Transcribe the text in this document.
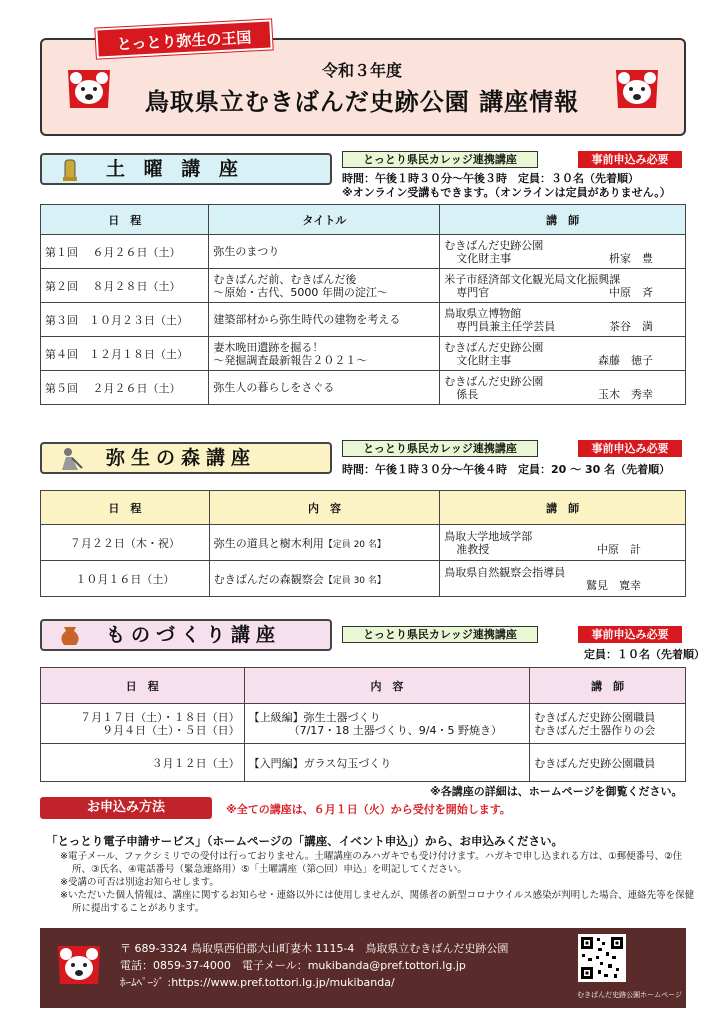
とっとり弥生の王国
令和３年度
鳥取県立むきばんだ史跡公園 講座情報
土 曜 講 座	とっとり県民カレッジ連携講座	事前申込み必要
時間：午後１時３０分～午後３時　定員：３０名（先着順）
※オンライン受講もできます。（オンラインは定員がありません。）
日　程	タイトル	講　師
第１回　 ６月２６日（土）	弥生のまつり	むきばんだ史跡公園
文化財主事 枡家　豊

第２回　 ８月２８日（土）	むきばんだ前、むきばんだ後
～原始・古代、5000 年間の淀江～	米子市経済部文化観光局文化振興課
専門官 中原　斉

第３回　１０月２３日（土）	建築部材から弥生時代の建物を考える	鳥取県立博物館
専門員兼主任学芸員 茶谷　満

第４回　１２月１８日（土）	妻木晩田遺跡を掘る！
～発掘調査最新報告２０２１～	むきばんだ史跡公園
文化財主事 森藤　徳子

第５回　 ２月２６日（土）	弥生人の暮らしをさぐる	むきばんだ史跡公園
係長 玉木　秀幸
弥生の森講座	とっとり県民カレッジ連携講座	事前申込み必要
時間：午後１時３０分～午後４時　定員：20 ～ 30 名（先着順）
日　程	内　容	講　師
７月２２日（木・祝）	弥生の道具と樹木利用【定員 20 名】	鳥取大学地域学部
准教授 中原　計

１０月１６日（土）	むきばんだの森観察会【定員 30 名】	鳥取県自然観察会指導員
鷲見　寛幸
ものづくり講座	とっとり県民カレッジ連携講座	事前申込み必要
定員：１０名（先着順）
日　程	内　容	講　師

７月１７日（土）・１８日（日）
９月４日（土）・５日（日）	【上級編】弥生土器づくり
（7/17・18 土器づくり、9/4・5 野焼き）	むきばんだ史跡公園職員
むきばんだ土器作りの会

３月１２日（土）	【入門編】ガラス勾玉づくり	むきばんだ史跡公園職員
※各講座の詳細は、ホームページを御覧ください。
お申込み方法	※全ての講座は、６月１日（火）から受付を開始します。
「とっとり電子申請サービス」（ホームページの「講座、イベント申込」）から、お申込みください。

※電子メール、ファクシミリでの受付は行っておりません。土曜講座のみハガキでも受け付けます。ハガキで申し込まれる方は、①郵便番号、②住所、③氏名、④電話番号（緊急連絡用）⑤「土曜講座（第○回）申込」を明記してください。

※受講の可否は別途お知らせします。

※いただいた個人情報は、講座に関するお知らせ・連絡以外には使用しませんが、関係者の新型コロナウイルス感染が判明した場合、連絡先等を保健所に提出することがあります。

〒 689-3324 鳥取県西伯郡大山町妻木 1115-4　鳥取県立むきばんだ史跡公園
電話：0859-37-4000　電子メール：mukibanda@pref.tottori.lg.jp
ﾎｰﾑﾍﾟｰｼﾞ :https://www.pref.tottori.lg.jp/mukibanda/
むきばんだ史跡公園ホームページ
